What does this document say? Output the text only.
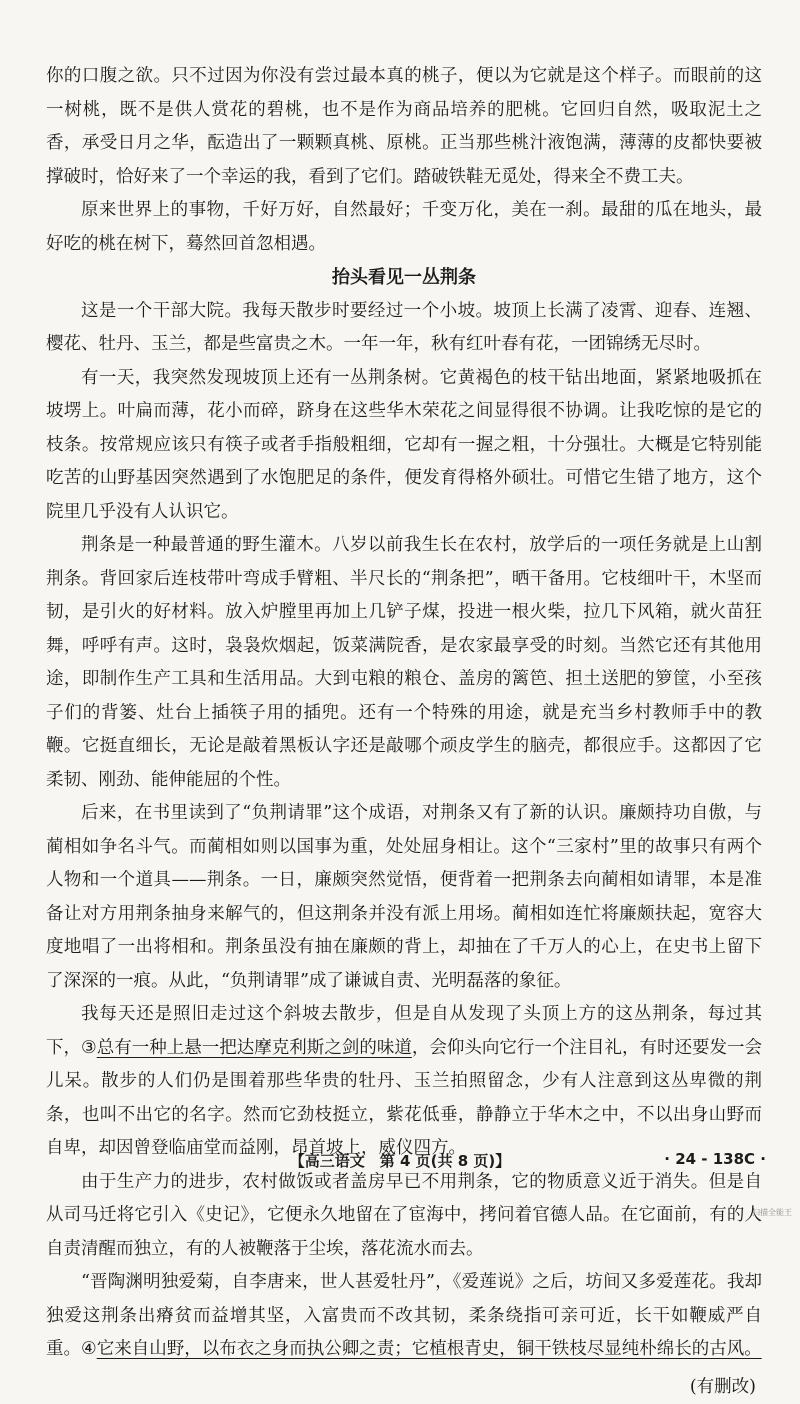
你的口腹之欲。只不过因为你没有尝过最本真的桃子，便以为它就是这个样子。而眼前的这一树桃，既不是供人赏花的碧桃，也不是作为商品培养的肥桃。它回归自然，吸取泥土之香，承受日月之华，酝造出了一颗颗真桃、原桃。正当那些桃汁液饱满，薄薄的皮都快要被撑破时，恰好来了一个幸运的我，看到了它们。踏破铁鞋无觅处，得来全不费工夫。

原来世界上的事物，千好万好，自然最好；千变万化，美在一刹。最甜的瓜在地头，最好吃的桃在树下，蓦然回首忽相遇。

抬头看见一丛荆条

这是一个干部大院。我每天散步时要经过一个小坡。坡顶上长满了凌霄、迎春、连翘、樱花、牡丹、玉兰，都是些富贵之木。一年一年，秋有红叶春有花，一团锦绣无尽时。

有一天，我突然发现坡顶上还有一丛荆条树。它黄褐色的枝干钻出地面，紧紧地吸抓在坡塄上。叶扁而薄，花小而碎，跻身在这些华木荣花之间显得很不协调。让我吃惊的是它的枝条。按常规应该只有筷子或者手指般粗细，它却有一握之粗，十分强壮。大概是它特别能吃苦的山野基因突然遇到了水饱肥足的条件，便发育得格外硕壮。可惜它生错了地方，这个院里几乎没有人认识它。

荆条是一种最普通的野生灌木。八岁以前我生长在农村，放学后的一项任务就是上山割荆条。背回家后连枝带叶弯成手臂粗、半尺长的“荆条把”，晒干备用。它枝细叶干，木坚而韧，是引火的好材料。放入炉膛里再加上几铲子煤，投进一根火柴，拉几下风箱，就火苗狂舞，呼呼有声。这时，袅袅炊烟起，饭菜满院香，是农家最享受的时刻。当然它还有其他用途，即制作生产工具和生活用品。大到屯粮的粮仓、盖房的篱笆、担土送肥的箩筐，小至孩子们的背篓、灶台上插筷子用的插兜。还有一个特殊的用途，就是充当乡村教师手中的教鞭。它挺直细长，无论是敲着黑板认字还是敲哪个顽皮学生的脑壳，都很应手。这都因了它柔韧、刚劲、能伸能屈的个性。

后来，在书里读到了“负荆请罪”这个成语，对荆条又有了新的认识。廉颇持功自傲，与蔺相如争名斗气。而蔺相如则以国事为重，处处屈身相让。这个“三家村”里的故事只有两个人物和一个道具——荆条。一日，廉颇突然觉悟，便背着一把荆条去向蔺相如请罪，本是准备让对方用荆条抽身来解气的，但这荆条并没有派上用场。蔺相如连忙将廉颇扶起，宽容大度地唱了一出将相和。荆条虽没有抽在廉颇的背上，却抽在了千万人的心上，在史书上留下了深深的一痕。从此，“负荆请罪”成了谦诚自责、光明磊落的象征。

我每天还是照旧走过这个斜坡去散步，但是自从发现了头顶上方的这丛荆条，每过其下，③总有一种上悬一把达摩克利斯之剑的味道，会仰头向它行一个注目礼，有时还要发一会儿呆。散步的人们仍是围着那些华贵的牡丹、玉兰拍照留念，少有人注意到这丛卑微的荆条，也叫不出它的名字。然而它劲枝挺立，紫花低垂，静静立于华木之中，不以出身山野而自卑，却因曾登临庙堂而益刚，昂首坡上，威仪四方。

由于生产力的进步，农村做饭或者盖房早已不用荆条，它的物质意义近于消失。但是自从司马迁将它引入《史记》，它便永久地留在了宦海中，拷问着官德人品。在它面前，有的人自责清醒而独立，有的人被鞭落于尘埃，落花流水而去。

“晋陶渊明独爱菊，自李唐来，世人甚爱牡丹”，《爱莲说》之后，坊间又多爱莲花。我却独爱这荆条出瘠贫而益增其坚，入富贵而不改其韧，柔条绕指可亲可近，长干如鞭威严自重。④它来自山野，以布衣之身而执公卿之责；它植根青史，铜干铁枝尽显纯朴绵长的古风。

(有删改)
【高三语文　第 4 页(共 8 页)】	· 24 - 138C ·
扫描全能王
